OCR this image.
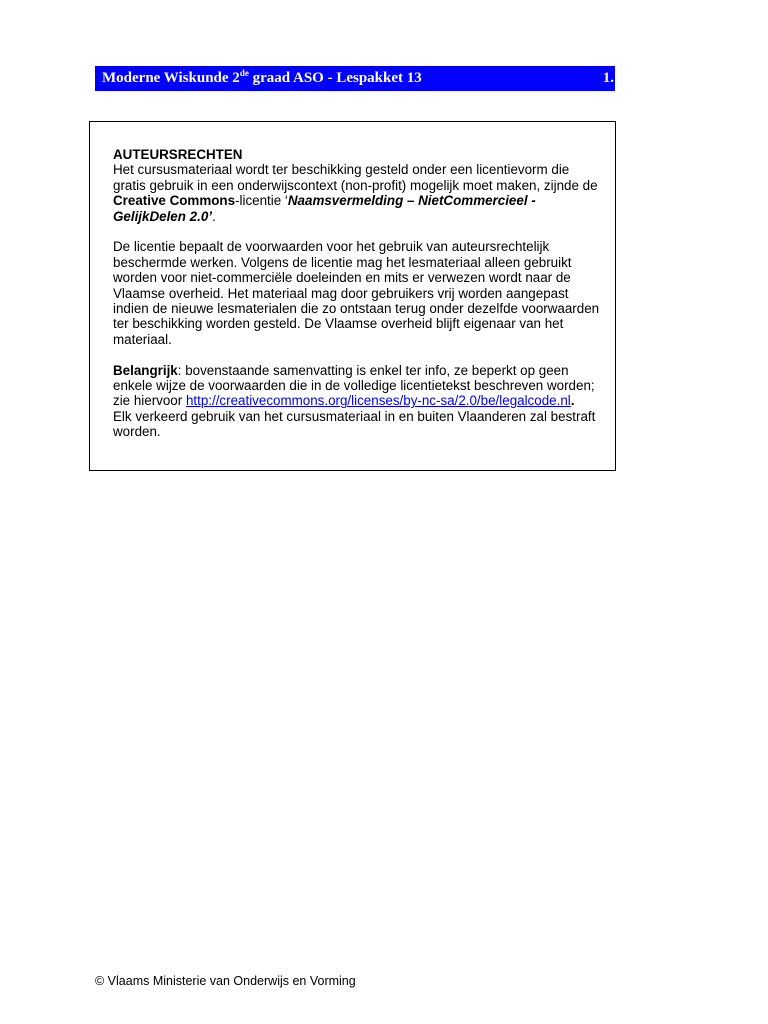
Moderne Wiskunde 2de graad ASO - Lespakket 13	1.

AUTEURSRECHTEN

Het cursusmateriaal wordt ter beschikking gesteld onder een licentievorm die gratis gebruik in een onderwijscontext (non-profit) mogelijk moet maken, zijnde de Creative Commons-licentie ‘Naamsvermelding – NietCommercieel - GelijkDelen 2.0’.

De licentie bepaalt de voorwaarden voor het gebruik van auteursrechtelijk beschermde werken. Volgens de licentie mag het lesmateriaal alleen gebruikt worden voor niet-commerciële doeleinden en mits er verwezen wordt naar de Vlaamse overheid. Het materiaal mag door gebruikers vrij worden aangepast indien de nieuwe lesmaterialen die zo ontstaan terug onder dezelfde voorwaarden ter beschikking worden gesteld. De Vlaamse overheid blijft eigenaar van het materiaal.

Belangrijk: bovenstaande samenvatting is enkel ter info, ze beperkt op geen enkele wijze de voorwaarden die in de volledige licentietekst beschreven worden; zie hiervoor http://creativecommons.org/licenses/by-nc-sa/2.0/be/legalcode.nl.

Elk verkeerd gebruik van het cursusmateriaal in en buiten Vlaanderen zal bestraft worden.

© Vlaams Ministerie van Onderwijs en Vorming
